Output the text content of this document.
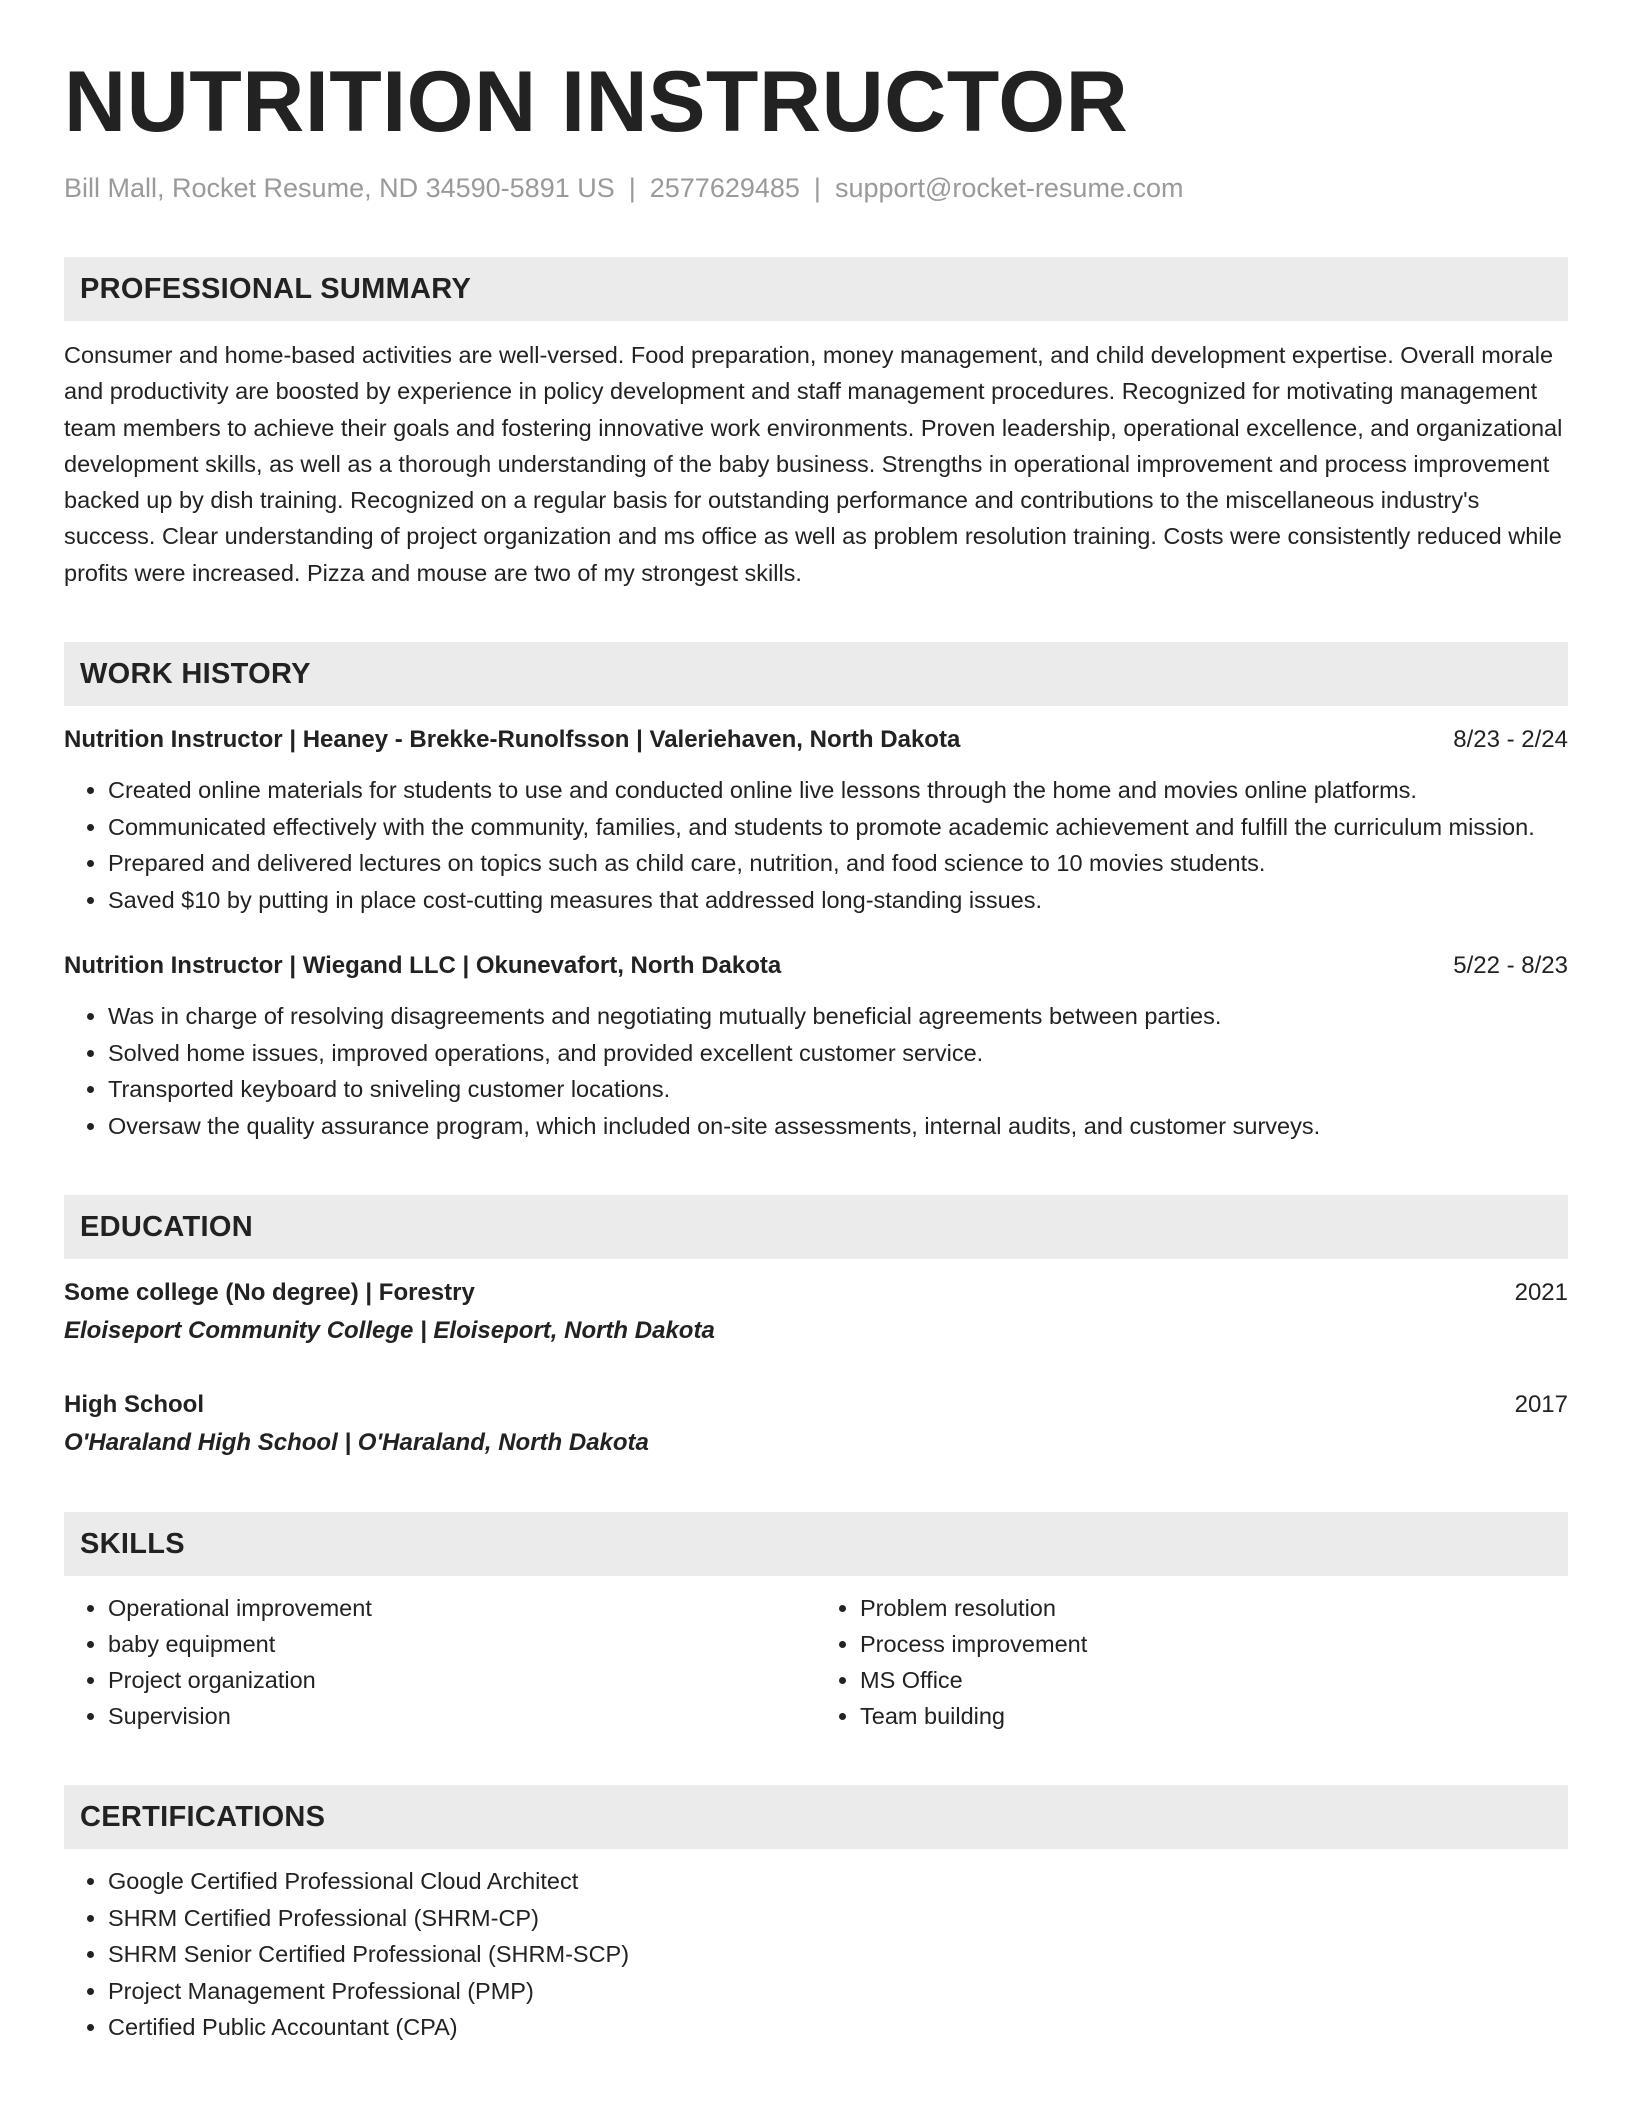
NUTRITION INSTRUCTOR
Bill Mall, Rocket Resume, ND 34590-5891 US | 2577629485 | support@rocket-resume.com
PROFESSIONAL SUMMARY
Consumer and home-based activities are well-versed. Food preparation, money management, and child development expertise. Overall morale and productivity are boosted by experience in policy development and staff management procedures. Recognized for motivating management team members to achieve their goals and fostering innovative work environments. Proven leadership, operational excellence, and organizational development skills, as well as a thorough understanding of the baby business. Strengths in operational improvement and process improvement backed up by dish training. Recognized on a regular basis for outstanding performance and contributions to the miscellaneous industry's success. Clear understanding of project organization and ms office as well as problem resolution training. Costs were consistently reduced while profits were increased. Pizza and mouse are two of my strongest skills.
WORK HISTORY
Nutrition Instructor | Heaney - Brekke-Runolfsson | Valeriehaven, North Dakota	8/23 - 2/24
• Created online materials for students to use and conducted online live lessons through the home and movies online platforms.
• Communicated effectively with the community, families, and students to promote academic achievement and fulfill the curriculum mission.
• Prepared and delivered lectures on topics such as child care, nutrition, and food science to 10 movies students.
• Saved $10 by putting in place cost-cutting measures that addressed long-standing issues.
Nutrition Instructor | Wiegand LLC | Okunevafort, North Dakota	5/22 - 8/23
• Was in charge of resolving disagreements and negotiating mutually beneficial agreements between parties.
• Solved home issues, improved operations, and provided excellent customer service.
• Transported keyboard to sniveling customer locations.
• Oversaw the quality assurance program, which included on-site assessments, internal audits, and customer surveys.
EDUCATION
Some college (No degree) | Forestry	2021
Eloiseport Community College | Eloiseport, North Dakota
High School	2017
O'Haraland High School | O'Haraland, North Dakota
SKILLS
• Operational improvement
• baby equipment
• Project organization
• Supervision
• Problem resolution
• Process improvement
• MS Office
• Team building
CERTIFICATIONS
• Google Certified Professional Cloud Architect
• SHRM Certified Professional (SHRM-CP)
• SHRM Senior Certified Professional (SHRM-SCP)
• Project Management Professional (PMP)
• Certified Public Accountant (CPA)
